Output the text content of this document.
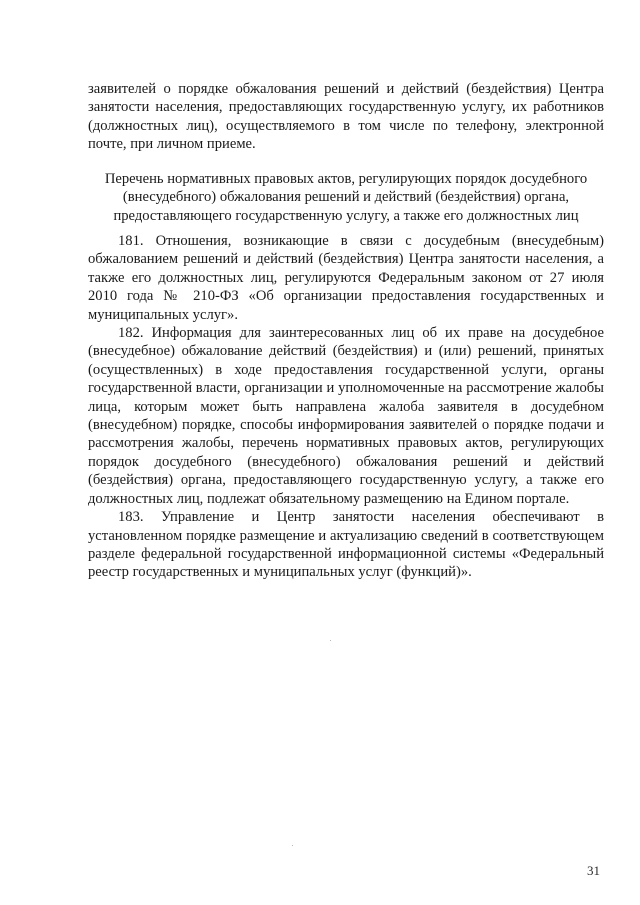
заявителей о порядке обжалования решений и действий (бездействия) Центра занятости населения, предоставляющих государственную услугу, их работников (должностных лиц), осуществляемого в том числе по телефону, электронной почте, при личном приеме.

Перечень нормативных правовых актов, регулирующих порядок досудебного
(внесудебного) обжалования решений и действий (бездействия) органа,
предоставляющего государственную услугу, а также его должностных лиц

181. Отношения, возникающие в связи с досудебным (внесудебным) обжалованием решений и действий (бездействия) Центра занятости населения, а также его должностных лиц, регулируются Федеральным законом от 27 июля 2010 года № 210-ФЗ «Об организации предоставления государственных и муниципальных услуг».

182. Информация для заинтересованных лиц об их праве на досудебное (внесудебное) обжалование действий (бездействия) и (или) решений, принятых (осуществленных) в ходе предоставления государственной услуги, органы государственной власти, организации и уполномоченные на рассмотрение жалобы лица, которым может быть направлена жалоба заявителя в досудебном (внесудебном) порядке, способы информирования заявителей о порядке подачи и рассмотрения жалобы, перечень нормативных правовых актов, регулирующих порядок досудебного (внесудебного) обжалования решений и действий (бездействия) органа, предоставляющего государственную услугу, а также его должностных лиц, подлежат обязательному размещению на Едином портале.

183. Управление и Центр занятости населения обеспечивают в установленном порядке размещение и актуализацию сведений в соответствующем разделе федеральной государственной информационной системы «Федеральный реестр государственных и муниципальных услуг (функций)».

31
